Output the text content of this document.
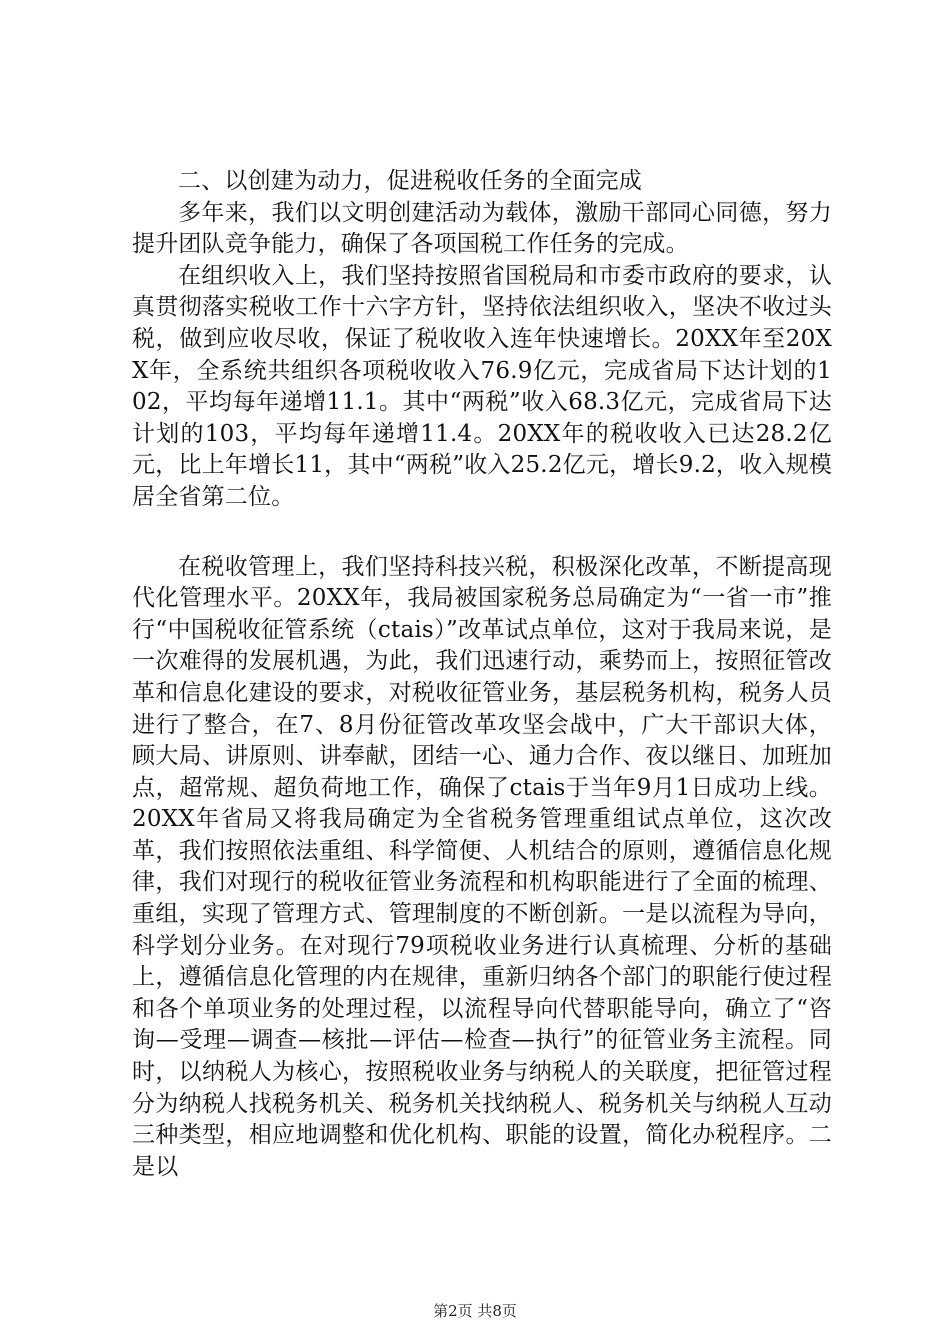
二、以创建为动力，促进税收任务的全面完成

多年来，我们以文明创建活动为载体，激励干部同心同德，努力提升团队竞争能力，确保了各项国税工作任务的完成。

在组织收入上，我们坚持按照省国税局和市委市政府的要求，认真贯彻落实税收工作十六字方针，坚持依法组织收入，坚决不收过头税，做到应收尽收，保证了税收收入连年快速增长。20XX年至20XX年，全系统共组织各项税收收入76.9亿元，完成省局下达计划的102，平均每年递增11.1。其中“两税”收入68.3亿元，完成省局下达计划的103，平均每年递增11.4。20XX年的税收收入已达28.2亿元，比上年增长11，其中“两税”收入25.2亿元，增长9.2，收入规模居全省第二位。

在税收管理上，我们坚持科技兴税，积极深化改革，不断提高现代化管理水平。20XX年，我局被国家税务总局确定为“一省一市”推行“中国税收征管系统（ctais）”改革试点单位，这对于我局来说，是一次难得的发展机遇，为此，我们迅速行动，乘势而上，按照征管改革和信息化建设的要求，对税收征管业务，基层税务机构，税务人员进行了整合，在7、8月份征管改革攻坚会战中，广大干部识大体，顾大局、讲原则、讲奉献，团结一心、通力合作、夜以继日、加班加点，超常规、超负荷地工作，确保了ctais于当年9月1日成功上线。20XX年省局又将我局确定为全省税务管理重组试点单位，这次改革，我们按照依法重组、科学简便、人机结合的原则，遵循信息化规律，我们对现行的税收征管业务流程和机构职能进行了全面的梳理、重组，实现了管理方式、管理制度的不断创新。一是以流程为导向，科学划分业务。在对现行79项税收业务进行认真梳理、分析的基础上，遵循信息化管理的内在规律，重新归纳各个部门的职能行使过程和各个单项业务的处理过程，以流程导向代替职能导向，确立了“咨询—受理—调查—核批—评估—检查—执行”的征管业务主流程。同时，以纳税人为核心，按照税收业务与纳税人的关联度，把征管过程分为纳税人找税务机关、税务机关找纳税人、税务机关与纳税人互动三种类型，相应地调整和优化机构、职能的设置，简化办税程序。二是以

第2页 共8页
